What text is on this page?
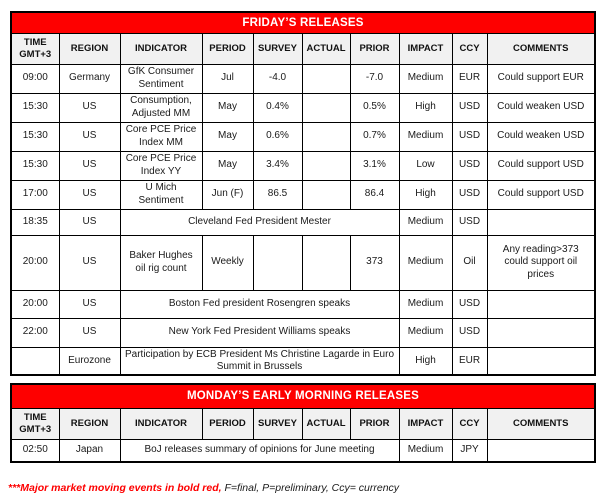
FRIDAY’S RELEASES									

TIME
GMT+3	REGION	INDICATOR	PERIOD	SURVEY	ACTUAL	PRIOR	IMPACT	CCY	COMMENTS
09:00	Germany	GfK Consumer Sentiment	Jul	-4.0		-7.0	Medium	EUR	Could support EUR
15:30	US	Consumption, Adjusted MM	May	0.4%		0.5%	High	USD	Could weaken USD
15:30	US	Core PCE Price Index MM	May	0.6%		0.7%	Medium	USD	Could weaken USD
15:30	US	Core PCE Price Index YY	May	3.4%		3.1%	Low	USD	Could support USD
17:00	US	U Mich Sentiment	Jun (F)	86.5		86.4	High	USD	Could support USD
18:35	US	Cleveland Fed President Mester					Medium	USD	
20:00	US	Baker Hughes oil rig count	Weekly			373	Medium	Oil	Any reading>373 could support oil prices
20:00	US	Boston Fed president Rosengren speaks					Medium	USD	
22:00	US	New York Fed President Williams speaks					Medium	USD	
	Eurozone	Participation by ECB President Ms Christine Lagarde in Euro Summit in Brussels					High	EUR	
MONDAY’S EARLY MORNING RELEASES									

TIME
GMT+3	REGION	INDICATOR	PERIOD	SURVEY	ACTUAL	PRIOR	IMPACT	CCY	COMMENTS
02:50	Japan	BoJ releases summary of opinions for June meeting					Medium	JPY	

***Major market moving events in bold red, F=final, P=preliminary, Ccy= currency
